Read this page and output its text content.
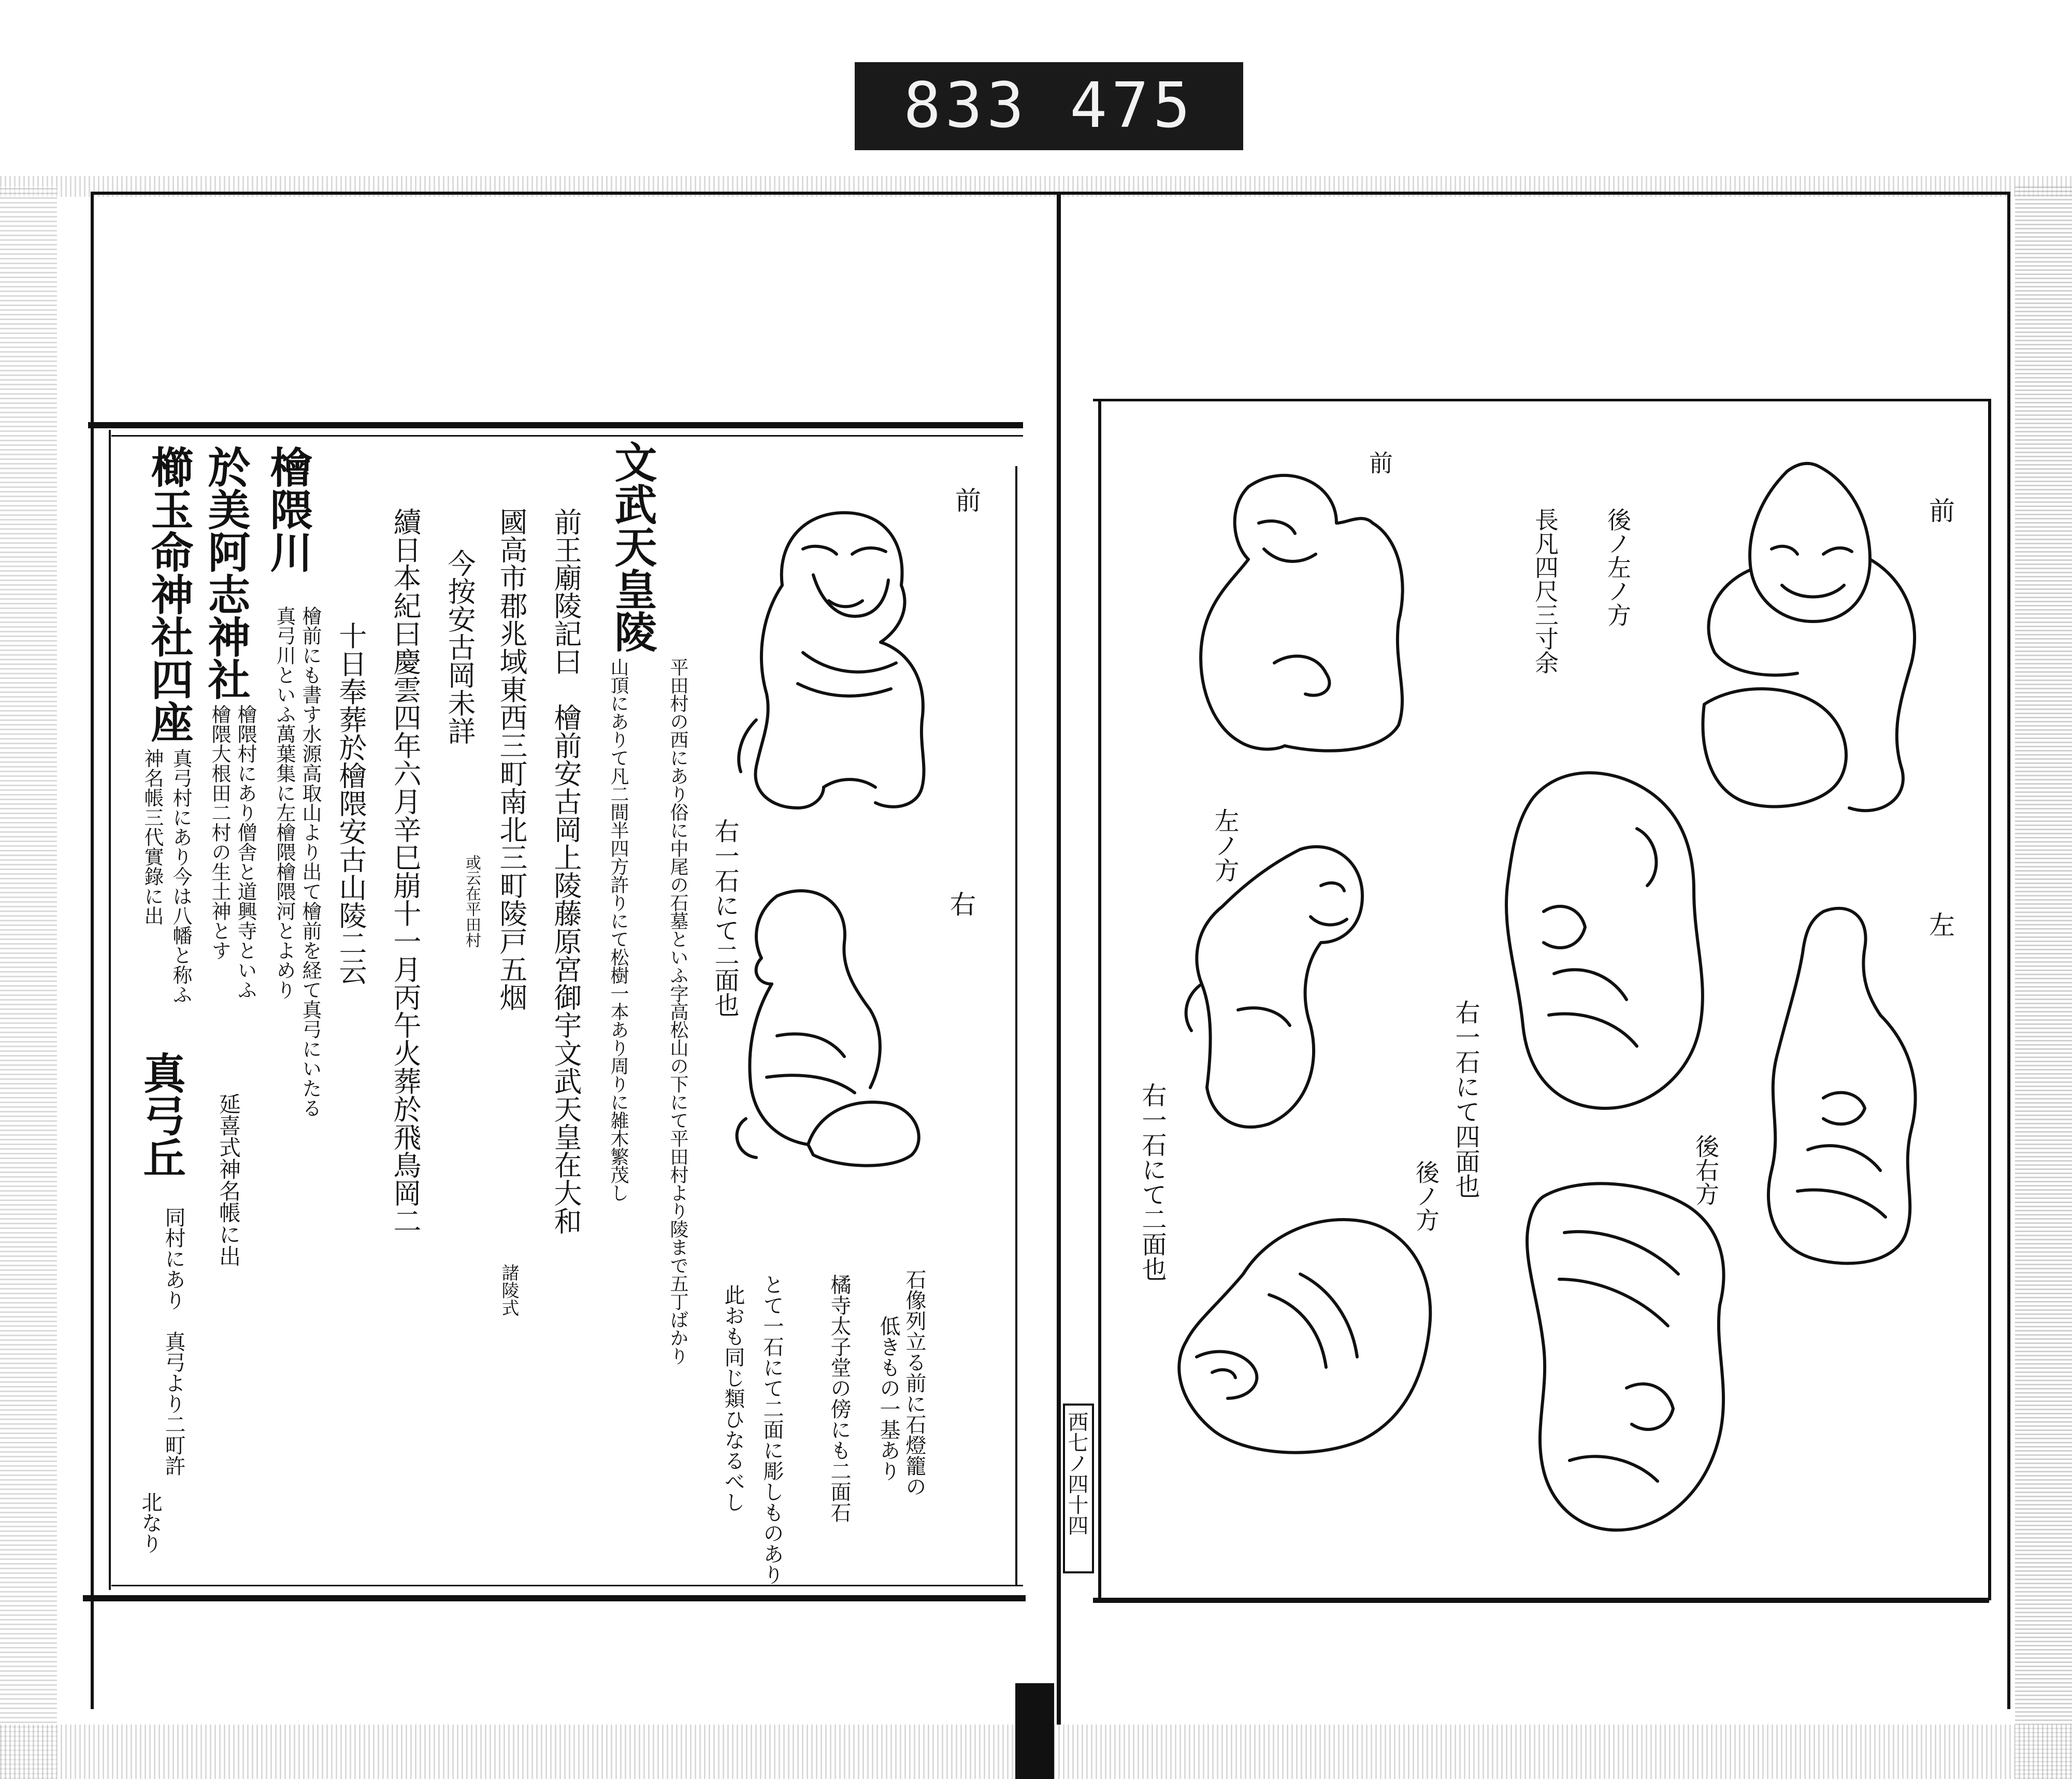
833 475
文武天皇陵
平田村の西にあり俗に中尾の石墓といふ字高松山の下にて平田村より陵まで五丁ばかり
山頂にありて凡二間半四方許りにて松樹一本あり周りに雑木繁茂し
前王廟陵記曰　檜前安古岡上陵藤原宮御宇文武天皇在大和
國高市郡兆域東西三町南北三町陵戸五烟
諸陵式
今按安古岡未詳
或云在平田村
續日本紀曰慶雲四年六月辛巳崩十一月丙午火葬於飛鳥岡二
十日奉葬於檜隈安古山陵二云
檜隈川
檜前にも書す水源高取山より出て檜前を経て真弓にいたる
真弓川といふ萬葉集に左檜隈檜隈河とよめり
於美阿志神社
檜隈村にあり僧舎と道興寺といふ
檜隈大根田二村の生土神とす
櫛玉命神社四座
真弓村にあり今は八幡と称ふ
神名帳三代實錄に出
延喜式神名帳に出
真弓丘
同村にあり　真弓より二町許
北なり
前
右
右一石にて二面也
石像列立る前に石燈籠の
低きもの一基あり
橘寺太子堂の傍にも二面石
とて一石にて二面に彫しものあり
此おも同じ類ひなるべし
前
左
後ノ左ノ方
長凡四尺三寸余
後右方
前
左ノ方
右一石にて二面也	右一石にて四面也
後ノ方
西七ノ四十四
